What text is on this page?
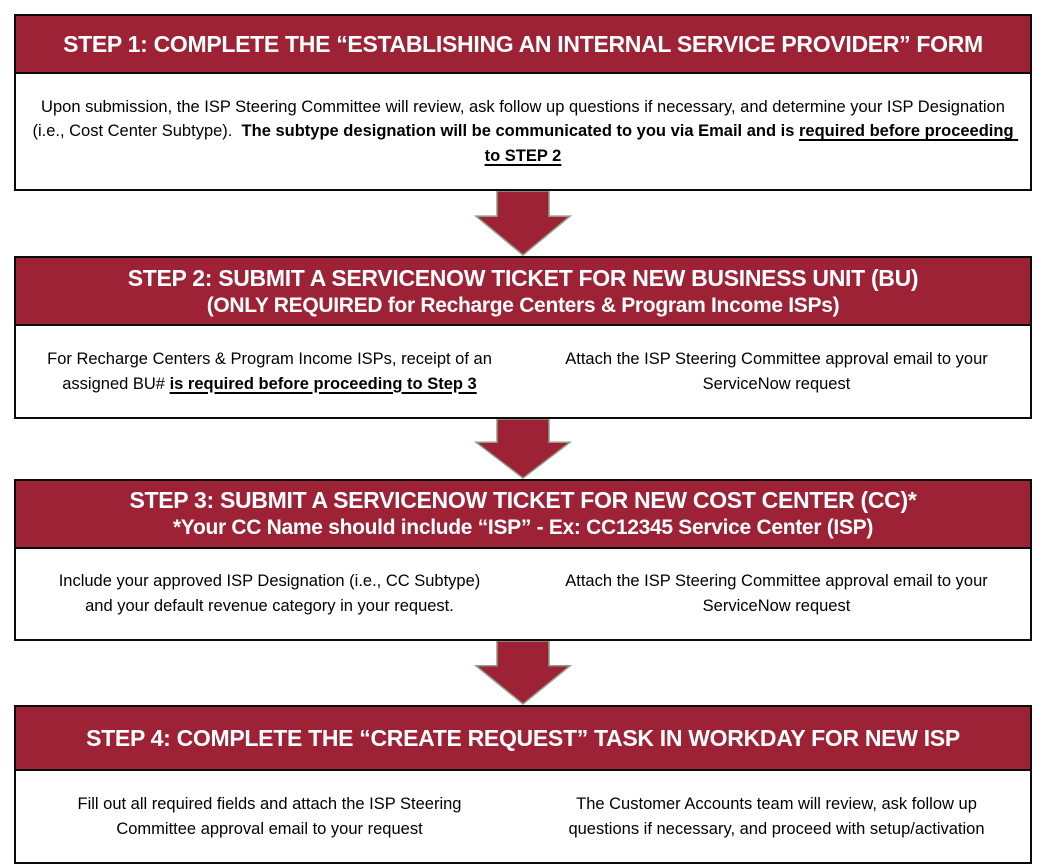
STEP 1: COMPLETE THE “ESTABLISHING AN INTERNAL SERVICE PROVIDER” FORM

Upon submission, the ISP Steering Committee will review, ask follow up questions if necessary, and determine your ISP Designation (i.e., Cost Center Subtype).  The subtype designation will be communicated to you via Email and is required before proceeding to STEP 2

STEP 2: SUBMIT A SERVICENOW TICKET FOR NEW BUSINESS UNIT (BU)
(ONLY REQUIRED for Recharge Centers & Program Income ISPs)

For Recharge Centers & Program Income ISPs, receipt of an assigned BU# is required before proceeding to Step 3

Attach the ISP Steering Committee approval email to your ServiceNow request

STEP 3: SUBMIT A SERVICENOW TICKET FOR NEW COST CENTER (CC)*
*Your CC Name should include “ISP” - Ex: CC12345 Service Center (ISP)

Include your approved ISP Designation (i.e., CC Subtype) and your default revenue category in your request.

Attach the ISP Steering Committee approval email to your ServiceNow request

STEP 4: COMPLETE THE “CREATE REQUEST” TASK IN WORKDAY FOR NEW ISP

Fill out all required fields and attach the ISP Steering Committee approval email to your request

The Customer Accounts team will review, ask follow up questions if necessary, and proceed with setup/activation
